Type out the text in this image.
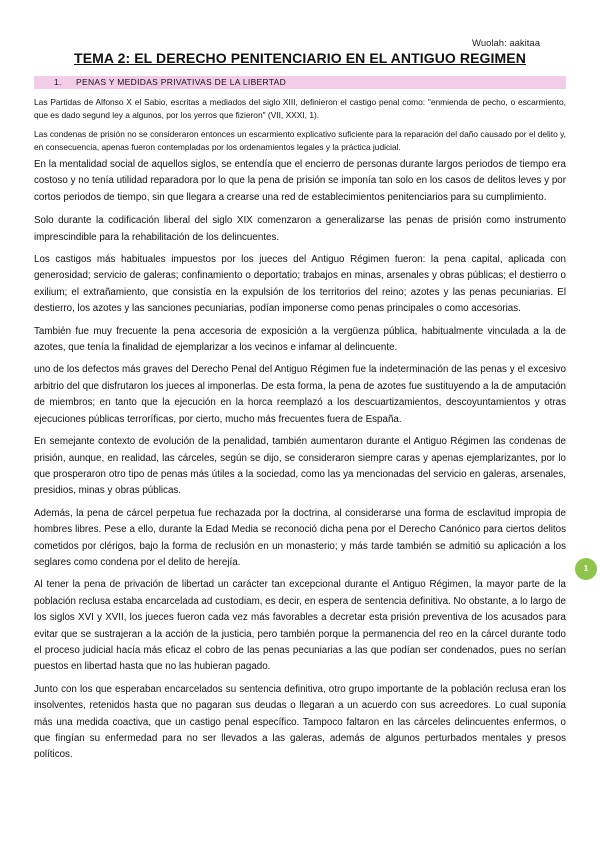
Wuolah: aakitaa
TEMA 2: EL DERECHO PENITENCIARIO EN EL ANTIGUO REGIMEN
1. PENAS Y MEDIDAS PRIVATIVAS DE LA LIBERTAD

Las Partidas de Alfonso X el Sabio, escritas a mediados del siglo XIII, definieron el castigo penal como: "enmienda de pecho, o escarmiento, que es dado segund ley a algunos, por los yerros que fizieron" (VII, XXXI, 1).

Las condenas de prisión no se consideraron entonces un escarmiento explicativo suficiente para la reparación del daño causado por el delito y, en consecuencia, apenas fueron contempladas por los ordenamientos legales y la práctica judicial.

En la mentalidad social de aquellos siglos, se entendía que el encierro de personas durante largos periodos de tiempo era costoso y no tenía utilidad reparadora por lo que la pena de prisión se imponía tan solo en los casos de delitos leves y por cortos periodos de tiempo, sin que llegara a crearse una red de establecimientos penitenciarios para su cumplimiento.

Solo durante la codificación liberal del siglo XIX comenzaron a generalizarse las penas de prisión como instrumento imprescindible para la rehabilitación de los delincuentes.

Los castigos más habituales impuestos por los jueces del Antiguo Régimen fueron: la pena capital, aplicada con generosidad; servicio de galeras; confinamiento o deportatio; trabajos en minas, arsenales y obras públicas; el destierro o exilium; el extrañamiento, que consistía en la expulsión de los territorios del reino; azotes y las penas pecuniarias. El destierro, los azotes y las sanciones pecuniarias, podían imponerse como penas principales o como accesorias.

También fue muy frecuente la pena accesoria de exposición a la vergüenza pública, habitualmente vinculada a la de azotes, que tenía la finalidad de ejemplarizar a los vecinos e infamar al delincuente.

uno de los defectos más graves del Derecho Penal del Antiguo Régimen fue la indeterminación de las penas y el excesivo arbitrio del que disfrutaron los jueces al imponerlas. De esta forma, la pena de azotes fue sustituyendo a la de amputación de miembros; en tanto que la ejecución en la horca reemplazó a los descuartizamientos, descoyuntamientos y otras ejecuciones públicas terroríficas, por cierto, mucho más frecuentes fuera de España.

En semejante contexto de evolución de la penalidad, también aumentaron durante el Antiguo Régimen las condenas de prisión, aunque, en realidad, las cárceles, según se dijo, se consideraron siempre caras y apenas ejemplarizantes, por lo que prosperaron otro tipo de penas más útiles a la sociedad, como las ya mencionadas del servicio en galeras, arsenales, presidios, minas y obras públicas.

Además, la pena de cárcel perpetua fue rechazada por la doctrina, al considerarse una forma de esclavitud impropia de hombres libres. Pese a ello, durante la Edad Media se reconoció dicha pena por el Derecho Canónico para ciertos delitos cometidos por clérigos, bajo la forma de reclusión en un monasterio; y más tarde también se admitió su aplicación a los seglares como condena por el delito de herejía.

Al tener la pena de privación de libertad un carácter tan excepcional durante el Antiguo Régimen, la mayor parte de la población reclusa estaba encarcelada ad custodiam, es decir, en espera de sentencia definitiva. No obstante, a lo largo de los siglos XVI y XVII, los jueces fueron cada vez más favorables a decretar esta prisión preventiva de los acusados para evitar que se sustrajeran a la acción de la justicia, pero también porque la permanencia del reo en la cárcel durante todo el proceso judicial hacía más eficaz el cobro de las penas pecuniarias a las que podían ser condenados, pues no serían puestos en libertad hasta que no las hubieran pagado.

Junto con los que esperaban encarcelados su sentencia definitiva, otro grupo importante de la población reclusa eran los insolventes, retenidos hasta que no pagaran sus deudas o llegaran a un acuerdo con sus acreedores. Lo cual suponía más una medida coactiva, que un castigo penal específico. Tampoco faltaron en las cárceles delincuentes enfermos, o que fingían su enfermedad para no ser llevados a las galeras, además de algunos perturbados mentales y presos políticos.

1
